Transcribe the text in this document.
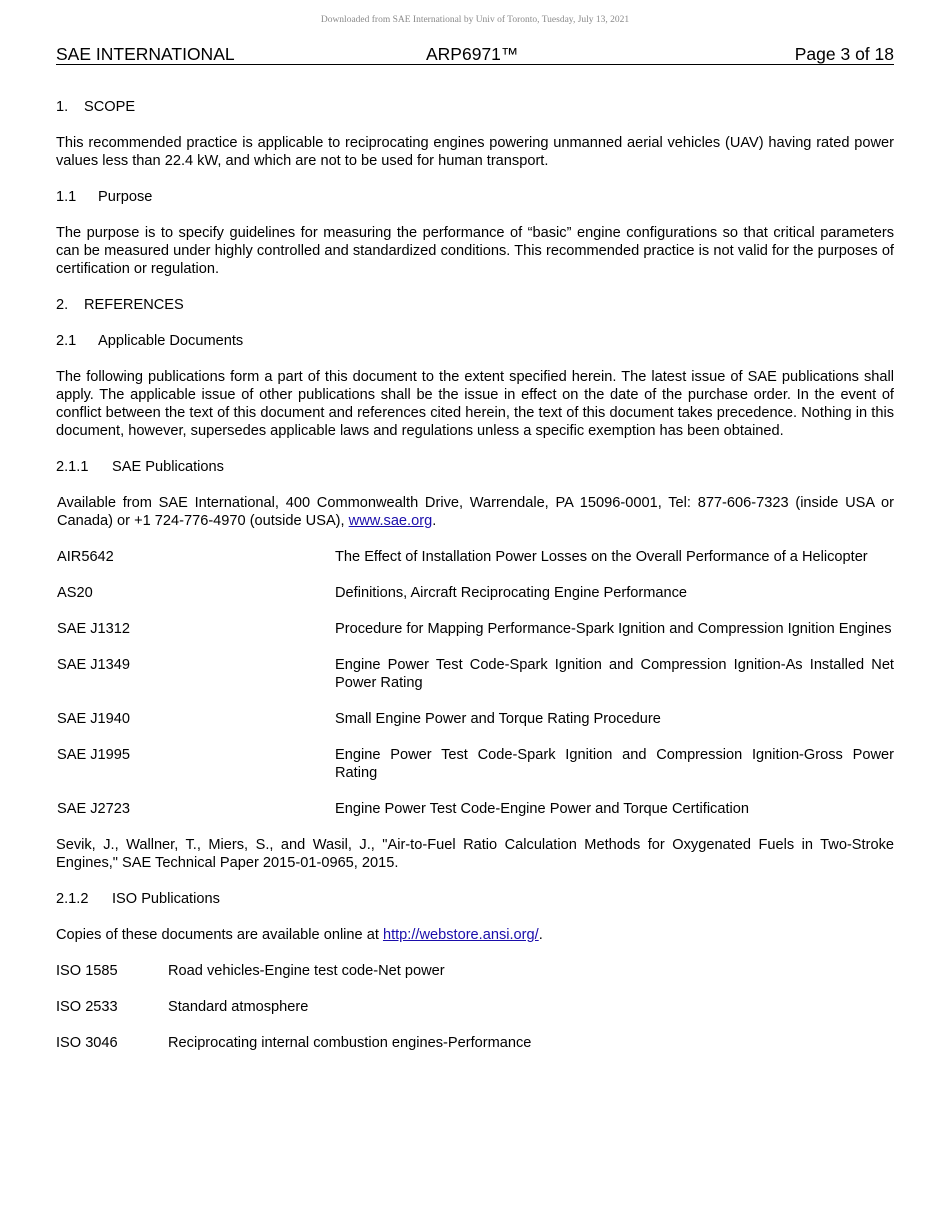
Downloaded from SAE International by Univ of Toronto, Tuesday, July 13, 2021
SAE INTERNATIONAL	ARP6971™	Page 3 of 18

1. SCOPE

This recommended practice is applicable to reciprocating engines powering unmanned aerial vehicles (UAV) having rated power values less than 22.4 kW, and which are not to be used for human transport.

1.1 Purpose

The purpose is to specify guidelines for measuring the performance of “basic” engine configurations so that critical parameters can be measured under highly controlled and standardized conditions. This recommended practice is not valid for the purposes of certification or regulation.

2. REFERENCES

2.1 Applicable Documents

The following publications form a part of this document to the extent specified herein. The latest issue of SAE publications shall apply. The applicable issue of other publications shall be the issue in effect on the date of the purchase order. In the event of conflict between the text of this document and references cited herein, the text of this document takes precedence. Nothing in this document, however, supersedes applicable laws and regulations unless a specific exemption has been obtained.

2.1.1 SAE Publications

Available from SAE International, 400 Commonwealth Drive, Warrendale, PA 15096-0001, Tel: 877-606-7323 (inside USA or Canada) or +1 724-776-4970 (outside USA), www.sae.org.

AIR5642	The Effect of Installation Power Losses on the Overall Performance of a Helicopter
AS20	Definitions, Aircraft Reciprocating Engine Performance
SAE J1312	Procedure for Mapping Performance-Spark Ignition and Compression Ignition Engines
SAE J1349	Engine Power Test Code-Spark Ignition and Compression Ignition-As Installed Net Power Rating
SAE J1940	Small Engine Power and Torque Rating Procedure
SAE J1995	Engine Power Test Code-Spark Ignition and Compression Ignition-Gross Power Rating
SAE J2723	Engine Power Test Code-Engine Power and Torque Certification

Sevik, J., Wallner, T., Miers, S., and Wasil, J., "Air-to-Fuel Ratio Calculation Methods for Oxygenated Fuels in Two-Stroke Engines," SAE Technical Paper 2015-01-0965, 2015.

2.1.2 ISO Publications

Copies of these documents are available online at http://webstore.ansi.org/.

ISO 1585	Road vehicles-Engine test code-Net power
ISO 2533	Standard atmosphere
ISO 3046	Reciprocating internal combustion engines-Performance
